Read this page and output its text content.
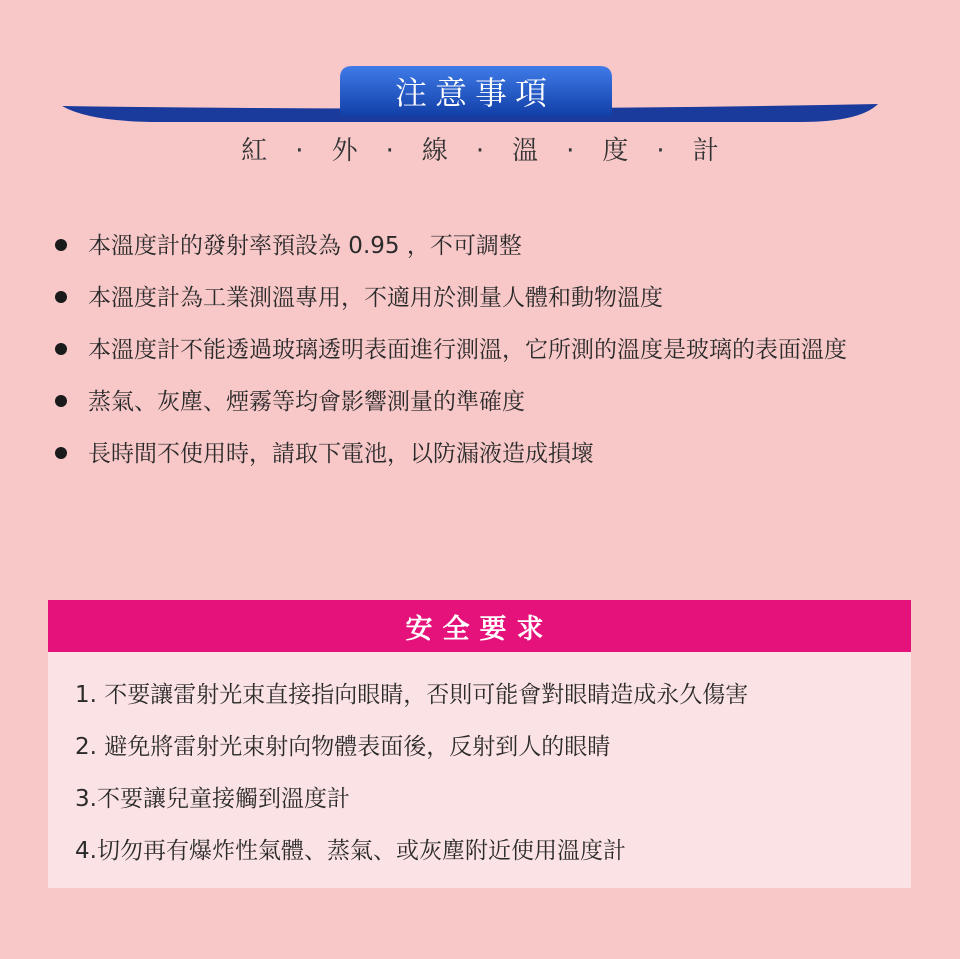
注意事項
紅 · 外 · 線 · 溫 · 度 · 計
本溫度計的發射率預設為 0.95 ，不可調整
本溫度計為工業測溫專用，不適用於測量人體和動物溫度
本溫度計不能透過玻璃透明表面進行測溫，它所測的溫度是玻璃的表面溫度
蒸氣、灰塵、煙霧等均會影響測量的準確度
長時間不使用時，請取下電池，以防漏液造成損壞
安全要求
1. 不要讓雷射光束直接指向眼睛，否則可能會對眼睛造成永久傷害
2. 避免將雷射光束射向物體表面後，反射到人的眼睛
3.不要讓兒童接觸到溫度計
4.切勿再有爆炸性氣體、蒸氣、或灰塵附近使用溫度計
